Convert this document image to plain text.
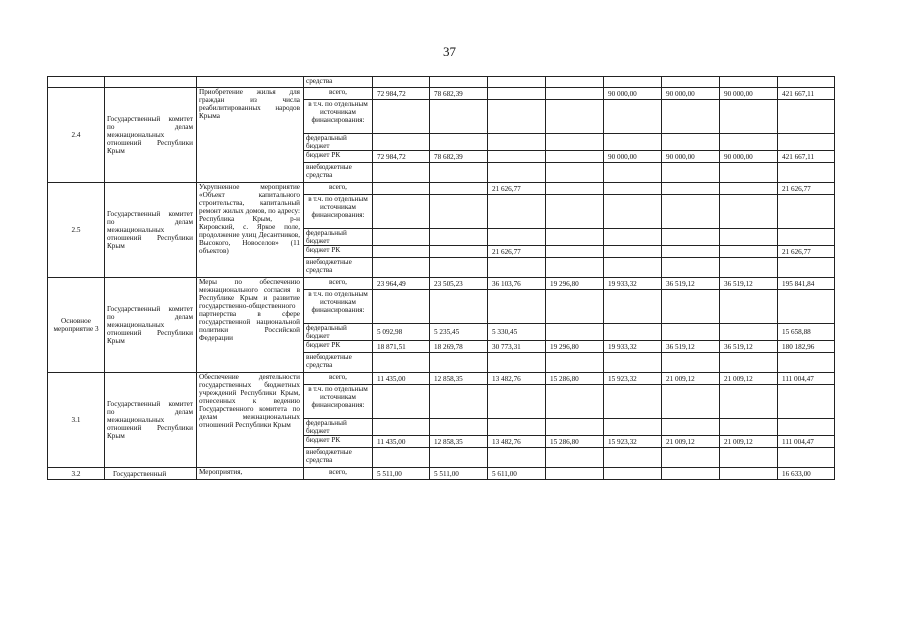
37
			средства								
2.4	Государственный комитет по делам межнациональных отношений Республики Крым	Приобретение жилья для граждан из числа реабилитированных народов Крыма	всего,	72 984,72	78 682,39			90 000,00	90 000,00	90 000,00	421 667,11
			в т.ч. по отдельным источникам финансирования:								
			федеральный бюджет								
			бюджет РК	72 984,72	78 682,39			90 000,00	90 000,00	90 000,00	421 667,11
			внебюджетные средства								
2.5	Государственный комитет по делам межнациональных отношений Республики Крым	Укрупненное мероприятие «Объект капитального строительства, капитальный ремонт жилых домов, по адресу: Республика Крым, р-н Кировский, с. Яркое поле, продолжение улиц Десантников, Высокого, Новоселов» (11 объектов)	всего,			21 626,77					21 626,77
			в т.ч. по отдельным источникам финансирования:								
			федеральный бюджет								
			бюджет РК			21 626,77					21 626,77
			внебюджетные средства								
Основное мероприятие 3	Государственный комитет по делам межнациональных отношений Республики Крым	Меры по обеспечению межнационального согласия в Республике Крым и развитие государственно-общественного партнерства в сфере государственной национальной политики Российской Федерации	всего,	23 964,49	23 505,23	36 103,76	19 296,80	19 933,32	36 519,12	36 519,12	195 841,84
			в т.ч. по отдельным источникам финансирования:								
			федеральный бюджет	5 092,98	5 235,45	5 330,45					15 658,88
			бюджет РК	18 871,51	18 269,78	30 773,31	19 296,80	19 933,32	36 519,12	36 519,12	180 182,96
			внебюджетные средства								
3.1	Государственный комитет по делам межнациональных отношений Республики Крым	Обеспечение деятельности государственных бюджетных учреждений Республики Крым, отнесенных к ведению Государственного комитета по делам межнациональных отношений Республики Крым	всего,	11 435,00	12 858,35	13 482,76	15 286,80	15 923,32	21 009,12	21 009,12	111 004,47
			в т.ч. по отдельным источникам финансирования:								
			федеральный бюджет								
			бюджет РК	11 435,00	12 858,35	13 482,76	15 286,80	15 923,32	21 009,12	21 009,12	111 004,47
			внебюджетные средства								
3.2	Государственный	Мероприятия,	всего,	5 511,00	5 511,00	5 611,00					16 633,00
